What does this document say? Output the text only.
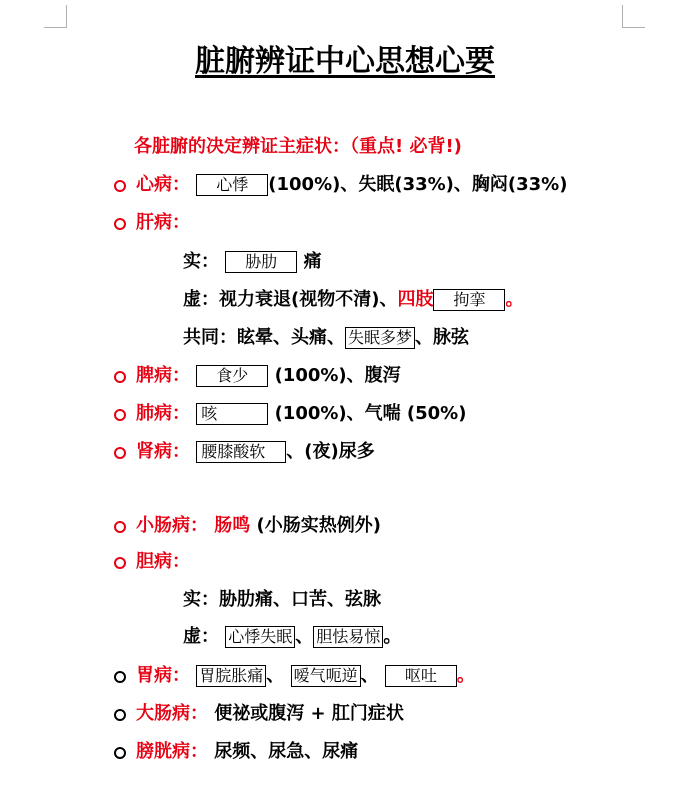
脏腑辨证中心思想心要
各脏腑的决定辨证主症状：（重点! 必背!)
心病： 心悸 (100%)、失眠(33%)、胸闷(33%)
肝病：
实： 胁肋 痛
虚：视力衰退(视物不清)、四肢 拘挛 。
共同：眩晕、头痛、 失眠多梦 、脉弦
脾病： 食少 (100%)、腹泻
肺病： 咳	(100%)、气喘 (50%)
肾病： 腰膝酸软 、(夜)尿多
小肠病： 肠鸣 (小肠实热例外)
胆病：
实：胁肋痛、口苦、弦脉
虚： 心悸失眠 、 胆怯易惊 。
胃病： 胃脘胀痛 、 嗳气呃逆 、 呕吐 。
大肠病： 便祕或腹泻 + 肛门症状
膀胱病： 尿频、尿急、尿痛
